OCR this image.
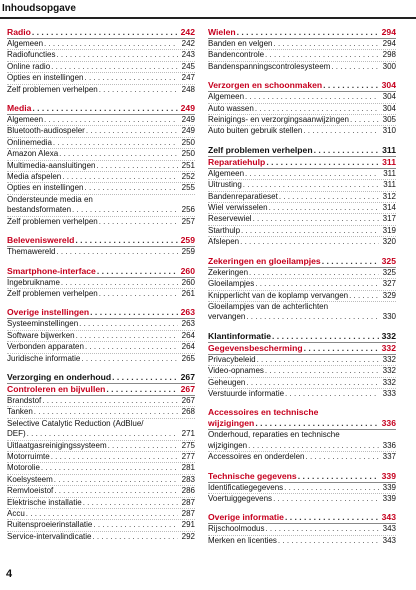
Inhoudsopgave
Radio . . .	242
Algemeen . . .	242
Radiofuncties . . .	243
Online radio . . .	245
Opties en instellingen . . .	247
Zelf problemen verhelpen . . .	248
Media . . .	249
Algemeen . . .	249
Bluetooth-audiospeler . . .	249
Onlinemedia . . .	250
Amazon Alexa . . .	250
Multimedia-aansluitingen . . .	251
Media afspelen . . .	252
Opties en instellingen . . .	255
Ondersteunde media en
bestandsformaten . . .	256
Zelf problemen verhelpen . . .	257
Beleveniswereld . . .	259
Themawereld . . .	259
Smartphone-interface . . .	260
Ingebruikname . . .	260
Zelf problemen verhelpen . . .	261
Overige instellingen . . .	263
Systeeminstellingen . . .	263
Software bijwerken . . .	264
Verbonden apparaten . . .	264
Juridische informatie . . .	265
Verzorging en onderhoud . . .	267
Controleren en bijvullen . . .	267
Brandstof . . .	267
Tanken . . .	268
Selective Catalytic Reduction (AdBlue/
DEF) . . .	271
Uitlaatgasreinigingssysteem . . .	275
Motorruimte . . .	277
Motorolie . . .	281
Koelsysteem . . .	283
Remvloeistof . . .	286
Elektrische installatie . . .	287
Accu . . .	287
Ruitensproeierinstallatie . . .	291
Service-intervalindicatie . . .	292
Wielen . . .	294
Banden en velgen . . .	294
Bandencontrole . . .	298
Bandenspanningscontrolesysteem . . .	300
Verzorgen en schoonmaken . . .	304
Algemeen . . .	304
Auto wassen . . .	304
Reinigings- en verzorgingsaanwijzingen . . .	305
Auto buiten gebruik stellen . . .	310
Zelf problemen verhelpen . . .	311
Reparatiehulp . . .	311
Algemeen . . .	311
Uitrusting . . .	311
Bandenreparatieset . . .	312
Wiel verwisselen . . .	314
Reservewiel . . .	317
Starthulp . . .	319
Afslepen . . .	320
Zekeringen en gloeilampjes . . .	325
Zekeringen . . .	325
Gloeilampjes . . .	327
Knipperlicht van de koplamp vervangen . . .	329
Gloeilampjes van de achterlichten
vervangen . . .	330
Klantinformatie . . .	332
Gegevensbescherming . . .	332
Privacybeleid . . .	332
Video-opnames . . .	332
Geheugen . . .	332
Verstuurde informatie . . .	333
Accessoires en technische
wijzigingen . . .	336
Onderhoud, reparaties en technische
wijzigingen . . .	336
Accessoires en onderdelen . . .	337
Technische gegevens . . .	339
Identificatiegegevens . . .	339
Voertuiggegevens . . .	339
Overige informatie . . .	343
Rijschoolmodus . . .	343
Merken en licenties . . .	343
4
